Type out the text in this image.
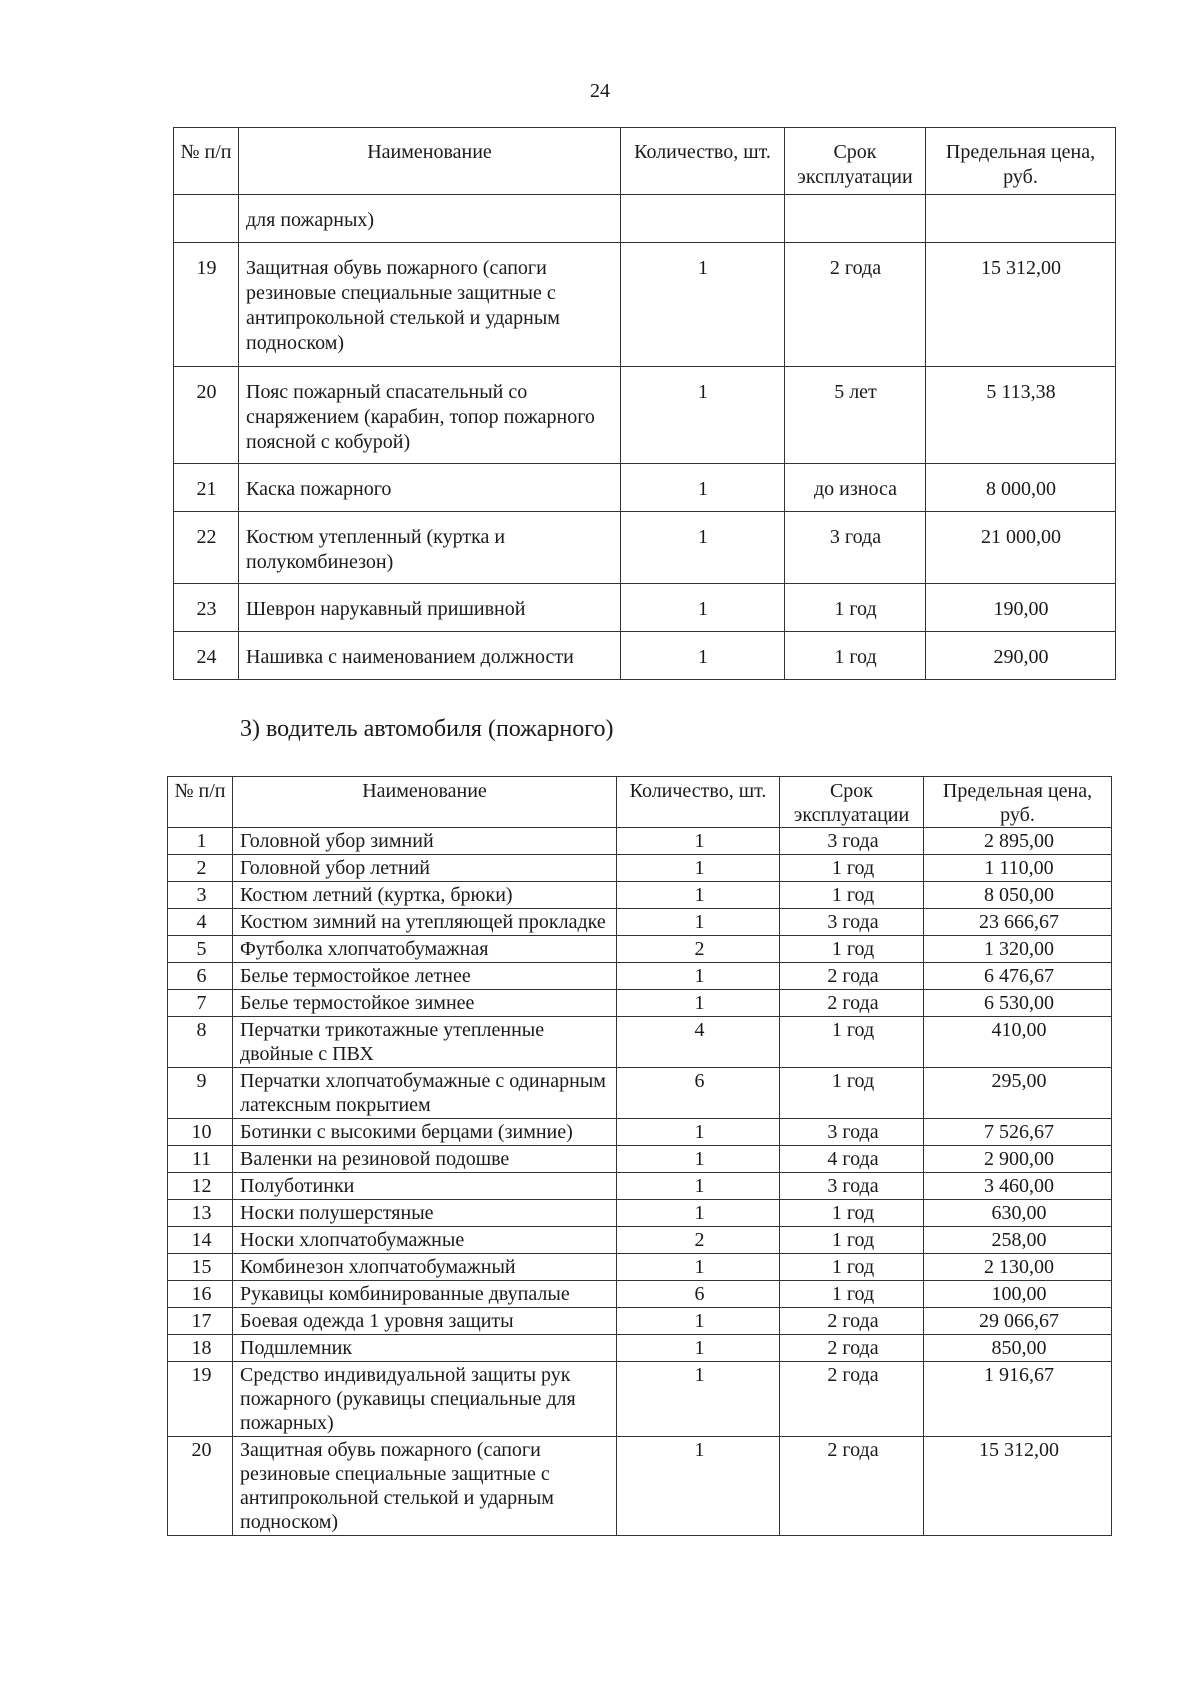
24
№ п/п	Наименование	Количество, шт.	Срок эксплуатации	Предельная цена, руб.
	для пожарных)			
19	Защитная обувь пожарного (сапоги резиновые специальные защитные с антипрокольной стелькой и ударным подноском)	1	2 года	15 312,00
20	Пояс пожарный спасательный со снаряжением (карабин, топор пожарного поясной с кобурой)	1	5 лет	5 113,38
21	Каска пожарного	1	до износа	8 000,00
22	Костюм утепленный (куртка и полукомбинезон)	1	3 года	21 000,00
23	Шеврон нарукавный пришивной	1	1 год	190,00
24	Нашивка с наименованием должности	1	1 год	290,00
3) водитель автомобиля (пожарного)
№ п/п	Наименование	Количество, шт.	Срок эксплуатации	Предельная цена, руб.
1	Головной убор зимний	1	3 года	2 895,00
2	Головной убор летний	1	1 год	1 110,00
3	Костюм летний (куртка, брюки)	1	1 год	8 050,00
4	Костюм зимний на утепляющей прокладке	1	3 года	23 666,67
5	Футболка хлопчатобумажная	2	1 год	1 320,00
6	Белье термостойкое летнее	1	2 года	6 476,67
7	Белье термостойкое зимнее	1	2 года	6 530,00
8	Перчатки трикотажные утепленные двойные с ПВХ	4	1 год	410,00
9	Перчатки хлопчатобумажные с одинарным латексным покрытием	6	1 год	295,00
10	Ботинки с высокими берцами (зимние)	1	3 года	7 526,67
11	Валенки на резиновой подошве	1	4 года	2 900,00
12	Полуботинки	1	3 года	3 460,00
13	Носки полушерстяные	1	1 год	630,00
14	Носки хлопчатобумажные	2	1 год	258,00
15	Комбинезон хлопчатобумажный	1	1 год	2 130,00
16	Рукавицы комбинированные двупалые	6	1 год	100,00
17	Боевая одежда 1 уровня защиты	1	2 года	29 066,67
18	Подшлемник	1	2 года	850,00
19	Средство индивидуальной защиты рук пожарного (рукавицы специальные для пожарных)	1	2 года	1 916,67
20	Защитная обувь пожарного (сапоги резиновые специальные защитные с антипрокольной стелькой и ударным подноском)	1	2 года	15 312,00
